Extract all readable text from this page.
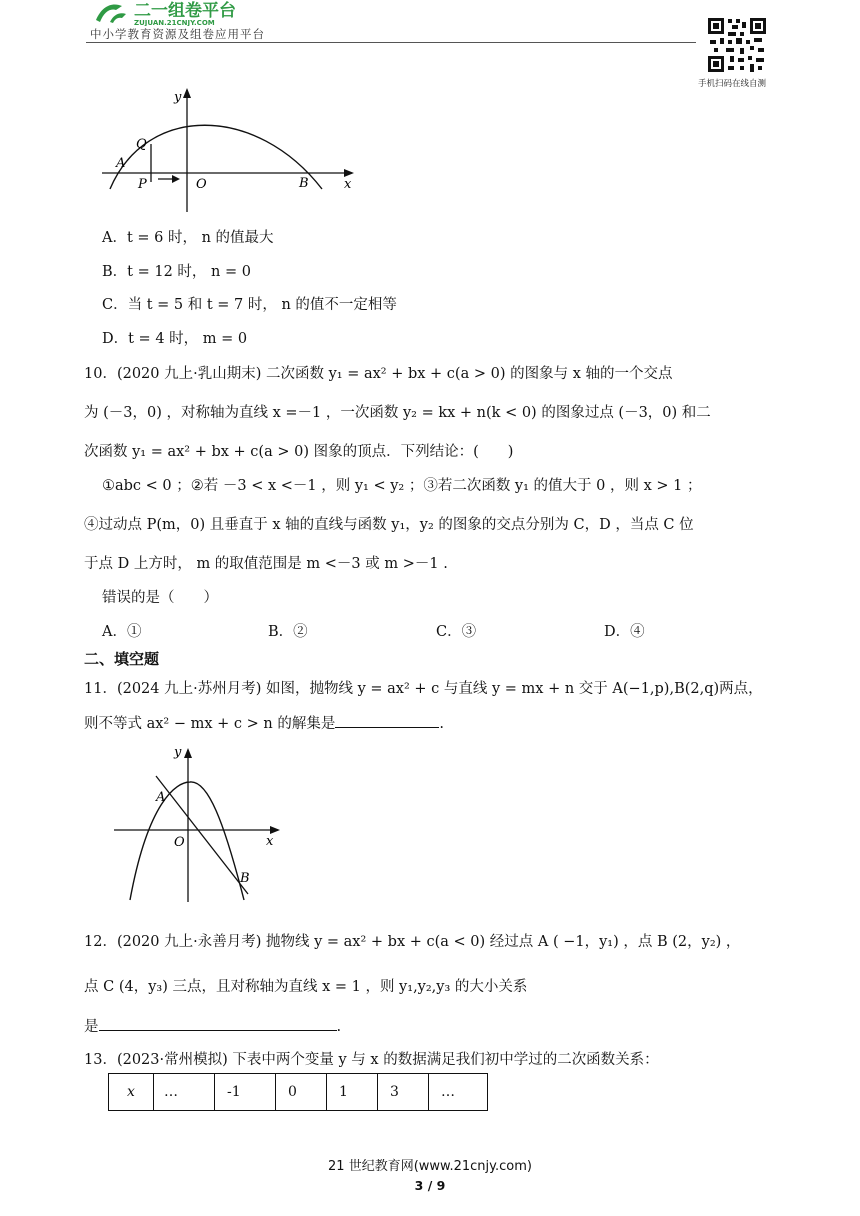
二一组卷平台
ZUJUAN.21CNJY.COM
中小学教育资源及组卷应用平台
手机扫码在线自测
y
x
Q
A
P	O	B
A．t = 6 时， n 的值最大
B．t = 12 时， n = 0
C．当 t = 5 和 t = 7 时， n 的值不一定相等
D．t = 4 时， m = 0
10．(2020 九上·乳山期末) 二次函数 y₁ = ax² + bx + c(a > 0) 的图象与 x 轴的一个交点
为 (－3，0) ，对称轴为直线 x =－1 ，一次函数 y₂ = kx + n(k < 0) 的图象过点 (－3，0) 和二
次函数 y₁ = ax² + bx + c(a > 0) 图象的顶点．下列结论：(　　)
①abc < 0 ；②若 －3 < x <－1 ，则 y₁ < y₂ ；③若二次函数 y₁ 的值大于 0 ，则 x > 1 ；
④过动点 P(m，0) 且垂直于 x 轴的直线与函数 y₁，y₂ 的图象的交点分别为 C，D ，当点 C 位
于点 D 上方时， m 的取值范围是 m <－3 或 m >－1 .
错误的是（　　）
A．①	B．②	C．③	D．④
二、填空题
11．(2024 九上·苏州月考) 如图，抛物线 y = ax² + c 与直线 y = mx + n 交于 A(−1,p),B(2,q)两点，
则不等式 ax² − mx + c > n 的解集是	.
y
A
O	x
B
12．(2020 九上·永善月考) 抛物线 y = ax² + bx + c(a < 0) 经过点 A ( −1，y₁) ，点 B (2，y₂) ，
点 C (4，y₃) 三点，且对称轴为直线 x = 1 ，则 y₁,y₂,y₃ 的大小关系
是	.
13．(2023·常州模拟) 下表中两个变量 y 与 x 的数据满足我们初中学过的二次函数关系：
x	…	-1	0	1	3	…
21 世纪教育网(www.21cnjy.com)
3 / 9
